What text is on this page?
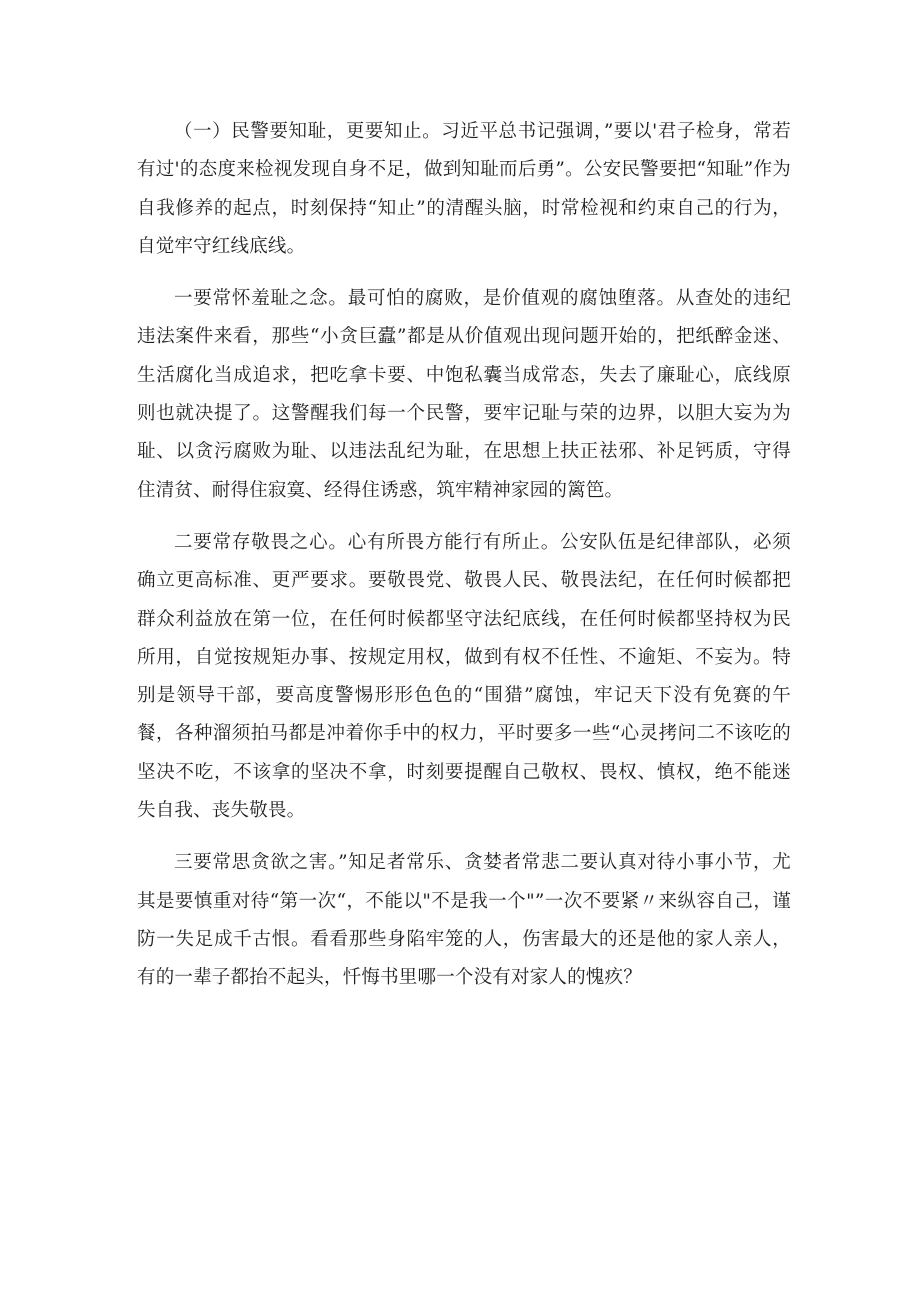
（一）民警要知耻，更要知止。习近平总书记强调，”要以'君子检身，常若有过'的态度来检视发现自身不足，做到知耻而后勇”。公安民警要把“知耻”作为自我修养的起点，时刻保持“知止”的清醒头脑，时常检视和约束自己的行为，自觉牢守红线底线。

一要常怀羞耻之念。最可怕的腐败，是价值观的腐蚀堕落。从查处的违纪违法案件来看，那些“小贪巨蠹”都是从价值观出现问题开始的，把纸醉金迷、生活腐化当成追求，把吃拿卡要、中饱私囊当成常态，失去了廉耻心，底线原则也就决提了。这警醒我们每一个民警，要牢记耻与荣的边界，以胆大妄为为耻、以贪污腐败为耻、以违法乱纪为耻，在思想上扶正祛邪、补足钙质，守得住清贫、耐得住寂寞、经得住诱惑，筑牢精神家园的篱笆。

二要常存敬畏之心。心有所畏方能行有所止。公安队伍是纪律部队，必须确立更高标准、更严要求。要敬畏党、敬畏人民、敬畏法纪，在任何时候都把群众利益放在第一位，在任何时候都坚守法纪底线，在任何时候都坚持权为民所用，自觉按规矩办事、按规定用权，做到有权不任性、不逾矩、不妄为。特别是领导干部，要高度警惕形形色色的“围猎”腐蚀，牢记天下没有免赛的午餐，各种溜须拍马都是冲着你手中的权力，平时要多一些“心灵拷问二不该吃的坚决不吃，不该拿的坚决不拿，时刻要提醒自己敬权、畏权、慎权，绝不能迷失自我、丧失敬畏。

三要常思贪欲之害。”知足者常乐、贪婪者常悲二要认真对待小事小节，尤其是要慎重对待“第一次“，不能以"不是我一个"”一次不要紧〃来纵容自己，谨防一失足成千古恨。看看那些身陷牢笼的人，伤害最大的还是他的家人亲人，有的一辈子都抬不起头，忏悔书里哪一个没有对家人的愧疚？
